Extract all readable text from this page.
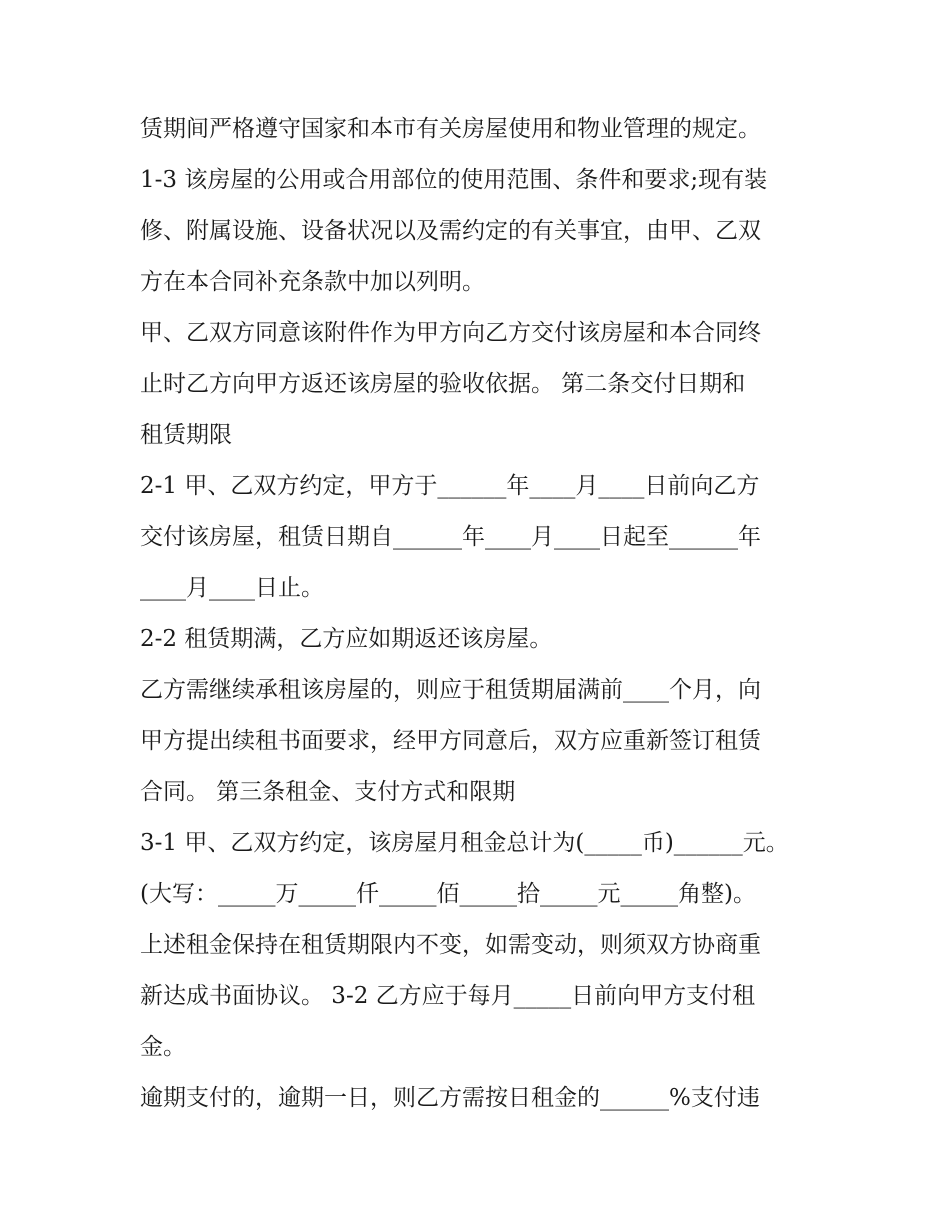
赁期间严格遵守国家和本市有关房屋使用和物业管理的规定。
1-3 该房屋的公用或合用部位的使用范围、条件和要求;现有装
修、附属设施、设备状况以及需约定的有关事宜，由甲、乙双
方在本合同补充条款中加以列明。
甲、乙双方同意该附件作为甲方向乙方交付该房屋和本合同终
止时乙方向甲方返还该房屋的验收依据。 第二条交付日期和
租赁期限
2-1 甲、乙双方约定，甲方于______年____月____日前向乙方
交付该房屋，租赁日期自______年____月____日起至______年
____月____日止。
2-2 租赁期满，乙方应如期返还该房屋。
乙方需继续承租该房屋的，则应于租赁期届满前____个月，向
甲方提出续租书面要求，经甲方同意后，双方应重新签订租赁
合同。 第三条租金、支付方式和限期
3-1 甲、乙双方约定，该房屋月租金总计为(_____币)______元。
(大写：_____万_____仟_____佰_____拾_____元_____角整)。
上述租金保持在租赁期限内不变，如需变动，则须双方协商重
新达成书面协议。 3-2 乙方应于每月_____日前向甲方支付租
金。
逾期支付的，逾期一日，则乙方需按日租金的______%支付违
